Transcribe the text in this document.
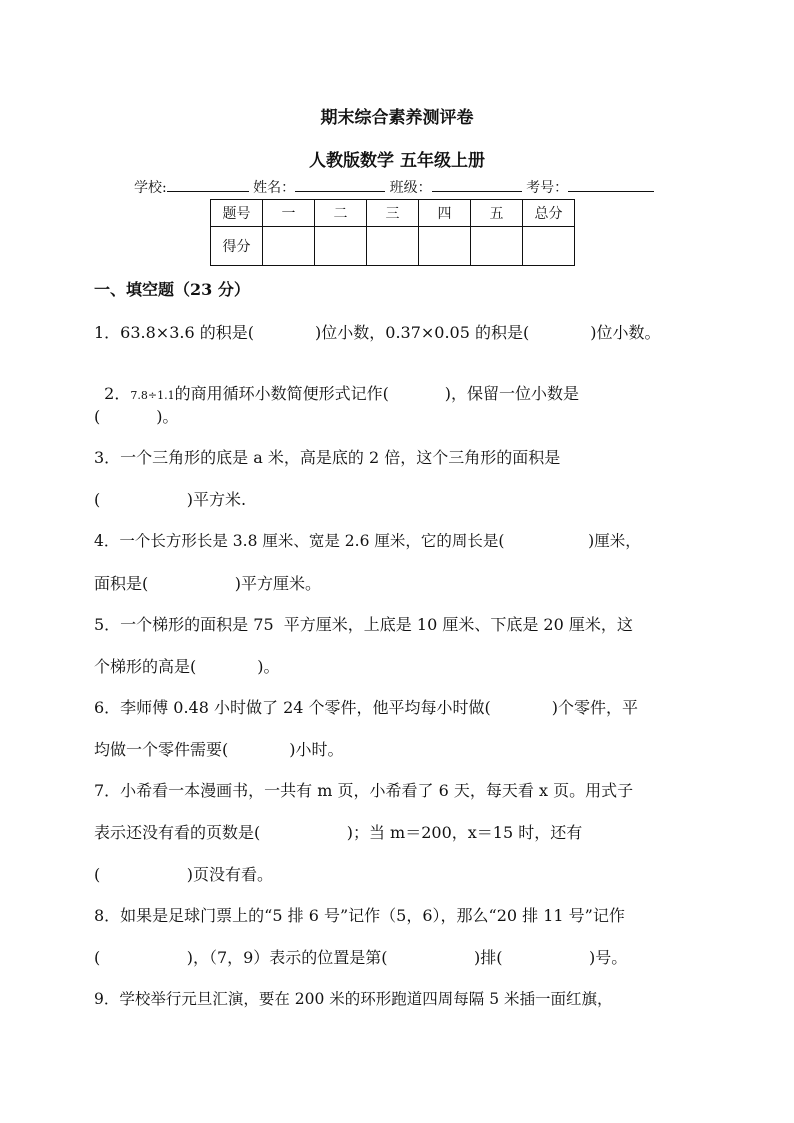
期末综合素养测评卷
人教版数学 五年级上册
学校:	姓名：	班级：	考号：
题号	一	二	三	四	五	总分
得分						
一、填空题（23 分）
1．63.8×3.6 的积是(            )位小数，0.37×0.05 的积是(            )位小数。

2．7.8÷1.1的商用循环小数简便形式记作(           )，保留一位小数是

(           )。
3．一个三角形的底是 a 米，高是底的 2 倍，这个三角形的面积是
(                 )平方米.
4．一个长方形长是 3.8 厘米、宽是 2.6 厘米，它的周长是(                 )厘米，
面积是(                 )平方厘米。
5．一个梯形的面积是 75  平方厘米，上底是 10 厘米、下底是 20 厘米，这
个梯形的高是(            )。
6．李师傅 0.48 小时做了 24 个零件，他平均每小时做(            )个零件，平
均做一个零件需要(            )小时。
7．小希看一本漫画书，一共有 m 页，小希看了 6 天，每天看 x 页。用式子
表示还没有看的页数是(                 )；当 m＝200，x＝15 时，还有
(                 )页没有看。
8．如果是足球门票上的“5 排 6 号”记作（5，6），那么“20 排 11 号”记作
(                 )，（7，9）表示的位置是第(                 )排(                 )号。
9．学校举行元旦汇演，要在 200 米的环形跑道四周每隔 5 米插一面红旗，
